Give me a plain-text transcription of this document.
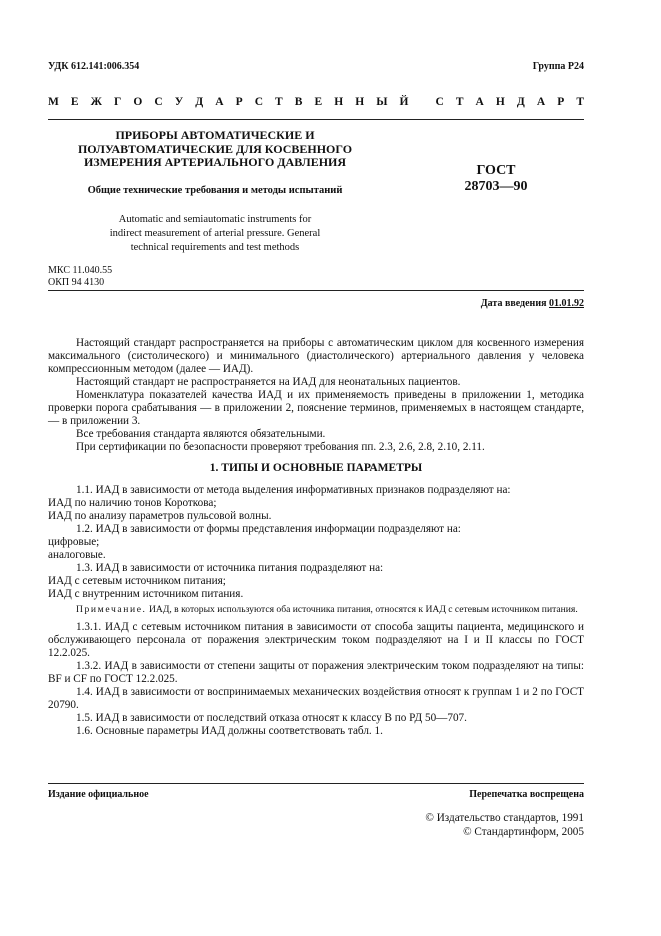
УДК 612.141:006.354	Группа Р24
М Е Ж Г О С У Д А Р С Т В Е Н Н Ы Й
С Т А Н Д А Р Т
ПРИБОРЫ АВТОМАТИЧЕСКИЕ И
ПОЛУАВТОМАТИЧЕСКИЕ ДЛЯ КОСВЕННОГО
ИЗМЕРЕНИЯ АРТЕРИАЛЬНОГО ДАВЛЕНИЯ
Общие технические требования и методы испытаний
Automatic and semiautomatic instruments for
indirect measurement of arterial pressure. General
technical requirements and test methods
ГОСТ
28703—90
МКС 11.040.55
ОКП 94 4130
Дата введения 01.01.92

Настоящий стандарт распространяется на приборы с автоматическим циклом для косвенного измерения максимального (систолического) и минимального (диастолического) артериального давления у человека компрессионным методом (далее — ИАД).

Настоящий стандарт не распространяется на ИАД для неонатальных пациентов.

Номенклатура показателей качества ИАД и их применяемость приведены в приложении 1, методика проверки порога срабатывания — в приложении 2, пояснение терминов, применяемых в настоящем стандарте, — в приложении 3.

Все требования стандарта являются обязательными.

При сертификации по безопасности проверяют требования пп. 2.3, 2.6, 2.8, 2.10, 2.11.

1. ТИПЫ И ОСНОВНЫЕ ПАРАМЕТРЫ

1.1. ИАД в зависимости от метода выделения информативных признаков подразделяют на:

ИАД по наличию тонов Короткова;

ИАД по анализу параметров пульсовой волны.

1.2. ИАД в зависимости от формы представления информации подразделяют на:

цифровые;

аналоговые.

1.3. ИАД в зависимости от источника питания подразделяют на:

ИАД с сетевым источником питания;

ИАД с внутренним источником питания.

Примечание. ИАД, в которых используются оба источника питания, относятся к ИАД с сетевым источником питания.

1.3.1. ИАД с сетевым источником питания в зависимости от способа защиты пациента, медицинского и обслуживающего персонала от поражения электрическим током подразделяют на I и II классы по ГОСТ 12.2.025.

1.3.2. ИАД в зависимости от степени защиты от поражения электрическим током подразделяют на типы: BF и CF по ГОСТ 12.2.025.

1.4. ИАД в зависимости от воспринимаемых механических воздействия относят к группам 1 и 2 по ГОСТ 20790.

1.5. ИАД в зависимости от последствий отказа относят к классу В по РД 50—707.

1.6. Основные параметры ИАД должны соответствовать табл. 1.

Издание официальное	Перепечатка воспрещена
© Издательство стандартов, 1991
© Стандартинформ, 2005
